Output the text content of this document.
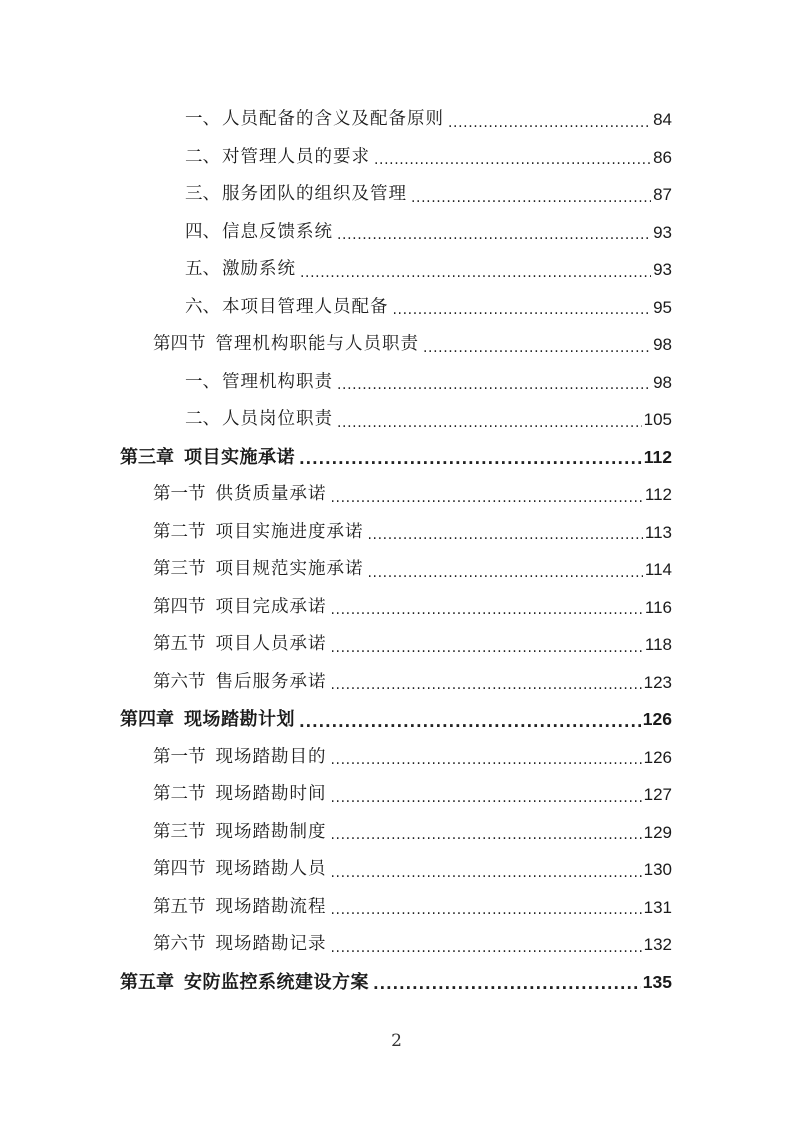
一、 人员配备的含义及配备原则 .....	84
二、 对管理人员的要求 .....	86
三、 服务团队的组织及管理 .....	87
四、 信息反馈系统 .....	93
五、 激励系统 .....	93
六、 本项目管理人员配备 .....	95
第四节 管理机构职能与人员职责 .....	98
一、 管理机构职责 .....	98
二、 人员岗位职责 .....	105
第三章 项目实施承诺 .....	112
第一节 供货质量承诺 .....	112
第二节 项目实施进度承诺 .....	113
第三节 项目规范实施承诺 .....	114
第四节 项目完成承诺 .....	116
第五节 项目人员承诺 .....	118
第六节 售后服务承诺 .....	123
第四章 现场踏勘计划 .....	126
第一节 现场踏勘目的 .....	126
第二节 现场踏勘时间 .....	127
第三节 现场踏勘制度 .....	129
第四节 现场踏勘人员 .....	130
第五节 现场踏勘流程 .....	131
第六节 现场踏勘记录 .....	132
第五章 安防监控系统建设方案 .....	135
2
